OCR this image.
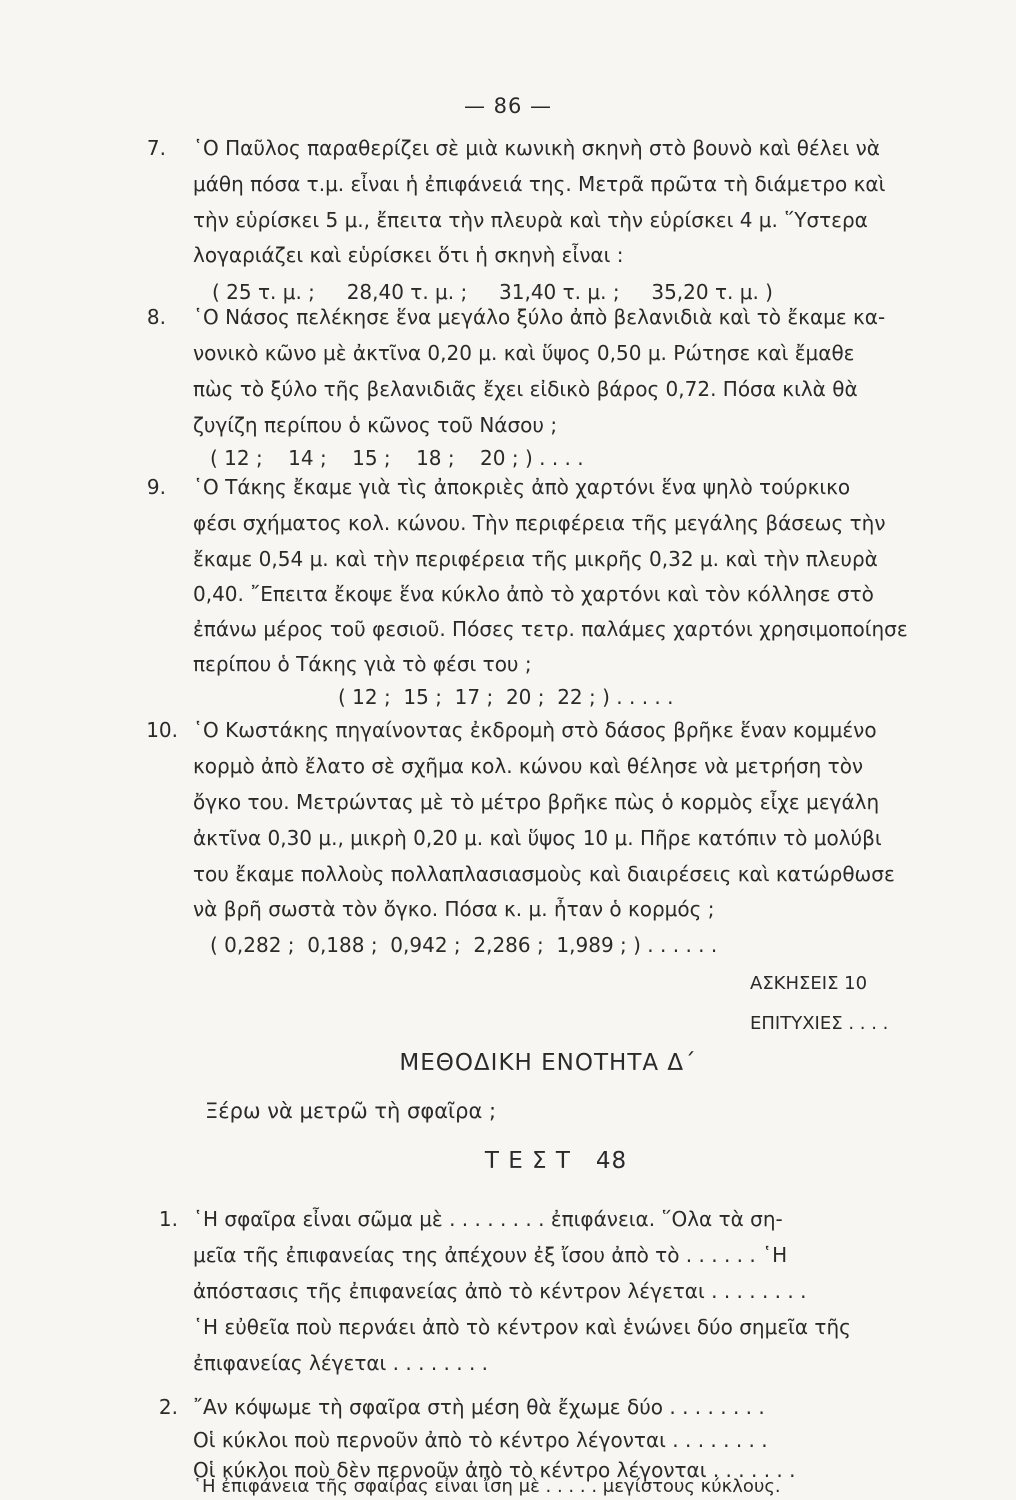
— 86 —
7. ῾Ο Παῦλος παραθερίζει σὲ μιὰ κωνικὴ σκηνὴ στὸ βουνὸ καὶ θέλει νὰ
μάθη πόσα τ.μ. εἶναι ἡ ἐπιφάνειά της. Μετρᾶ πρῶτα τὴ διάμετρο καὶ
τὴν εὑρίσκει 5 μ., ἔπειτα τὴν πλευρὰ καὶ τὴν εὑρίσκει 4 μ. ῞Υστερα
λογαριάζει καὶ εὑρίσκει ὅτι ἡ σκηνὴ εἶναι :
( 25 τ. μ. ;     28,40 τ. μ. ;     31,40 τ. μ. ;     35,20 τ. μ. )
8. ῾Ο Νάσος πελέκησε ἕνα μεγάλο ξύλο ἀπὸ βελανιδιὰ καὶ τὸ ἔκαμε κα-
νονικὸ κῶνο μὲ ἀκτῖνα 0,20 μ. καὶ ὕψος 0,50 μ. Ρώτησε καὶ ἔμαθε
πὼς τὸ ξύλο τῆς βελανιδιᾶς ἔχει εἰδικὸ βάρος 0,72. Πόσα κιλὰ θὰ
ζυγίζη περίπου ὁ κῶνος τοῦ Νάσου ;
( 12 ;    14 ;    15 ;    18 ;    20 ; ) . . . .
9. ῾Ο Τάκης ἔκαμε γιὰ τὶς ἀποκριὲς ἀπὸ χαρτόνι ἕνα ψηλὸ τούρκικο
φέσι σχήματος κολ. κώνου. Τὴν περιφέρεια τῆς μεγάλης βάσεως τὴν
ἔκαμε 0,54 μ. καὶ τὴν περιφέρεια τῆς μικρῆς 0,32 μ. καὶ τὴν πλευρὰ
0,40. ῎Επειτα ἔκοψε ἕνα κύκλο ἀπὸ τὸ χαρτόνι καὶ τὸν κόλλησε στὸ
ἐπάνω μέρος τοῦ φεσιοῦ. Πόσες τετρ. παλάμες χαρτόνι χρησιμοποίησε
περίπου ὁ Τάκης γιὰ τὸ φέσι του ;
( 12 ;  15 ;  17 ;  20 ;  22 ; ) . . . . .
10. ῾Ο Κωστάκης πηγαίνοντας ἐκδρομὴ στὸ δάσος βρῆκε ἕναν κομμένο
κορμὸ ἀπὸ ἔλατο σὲ σχῆμα κολ. κώνου καὶ θέλησε νὰ μετρήση τὸν
ὄγκο του. Μετρώντας μὲ τὸ μέτρο βρῆκε πὼς ὁ κορμὸς εἶχε μεγάλη
ἀκτῖνα 0,30 μ., μικρὴ 0,20 μ. καὶ ὕψος 10 μ. Πῆρε κατόπιν τὸ μολύβι
του ἔκαμε πολλοὺς πολλαπλασιασμοὺς καὶ διαιρέσεις καὶ κατώρθωσε
νὰ βρῆ σωστὰ τὸν ὄγκο. Πόσα κ. μ. ἦταν ὁ κορμός ;
( 0,282 ;  0,188 ;  0,942 ;  2,286 ;  1,989 ; ) . . . . . .
ΑΣΚΗΣΕΙΣ 10
ΕΠΙΤΥΧΙΕΣ . . . .
ΜΕΘΟΔΙΚΗ ΕΝΟΤΗΤΑ Δ΄
Ξέρω νὰ μετρῶ τὴ σφαῖρα ;
Τ Ε Σ Τ   48
1. ῾Η σφαῖρα εἶναι σῶμα μὲ . . . . . . . . ἐπιφάνεια. ῞Ολα τὰ ση-
μεῖα τῆς ἐπιφανείας της ἀπέχουν ἐξ ἴσου ἀπὸ τὸ . . . . . . ῾Η
ἀπόστασις τῆς ἐπιφανείας ἀπὸ τὸ κέντρον λέγεται . . . . . . . .
῾Η εὐθεῖα ποὺ περνάει ἀπὸ τὸ κέντρον καὶ ἑνώνει δύο σημεῖα τῆς
ἐπιφανείας λέγεται . . . . . . . .
2. ῎Αν κόψωμε τὴ σφαῖρα στὴ μέση θὰ ἔχωμε δύο . . . . . . . .
Οἱ κύκλοι ποὺ περνοῦν ἀπὸ τὸ κέντρο λέγονται . . . . . . . .
Οἱ κύκλοι ποὺ δὲν περνοῦν ἀπὸ τὸ κέντρο λέγονται . . . . . . .
῾Η ἐπιφάνεια τῆς σφαίρας εἶναι ἴση μὲ . . . . . μεγίστους κύκλους.
